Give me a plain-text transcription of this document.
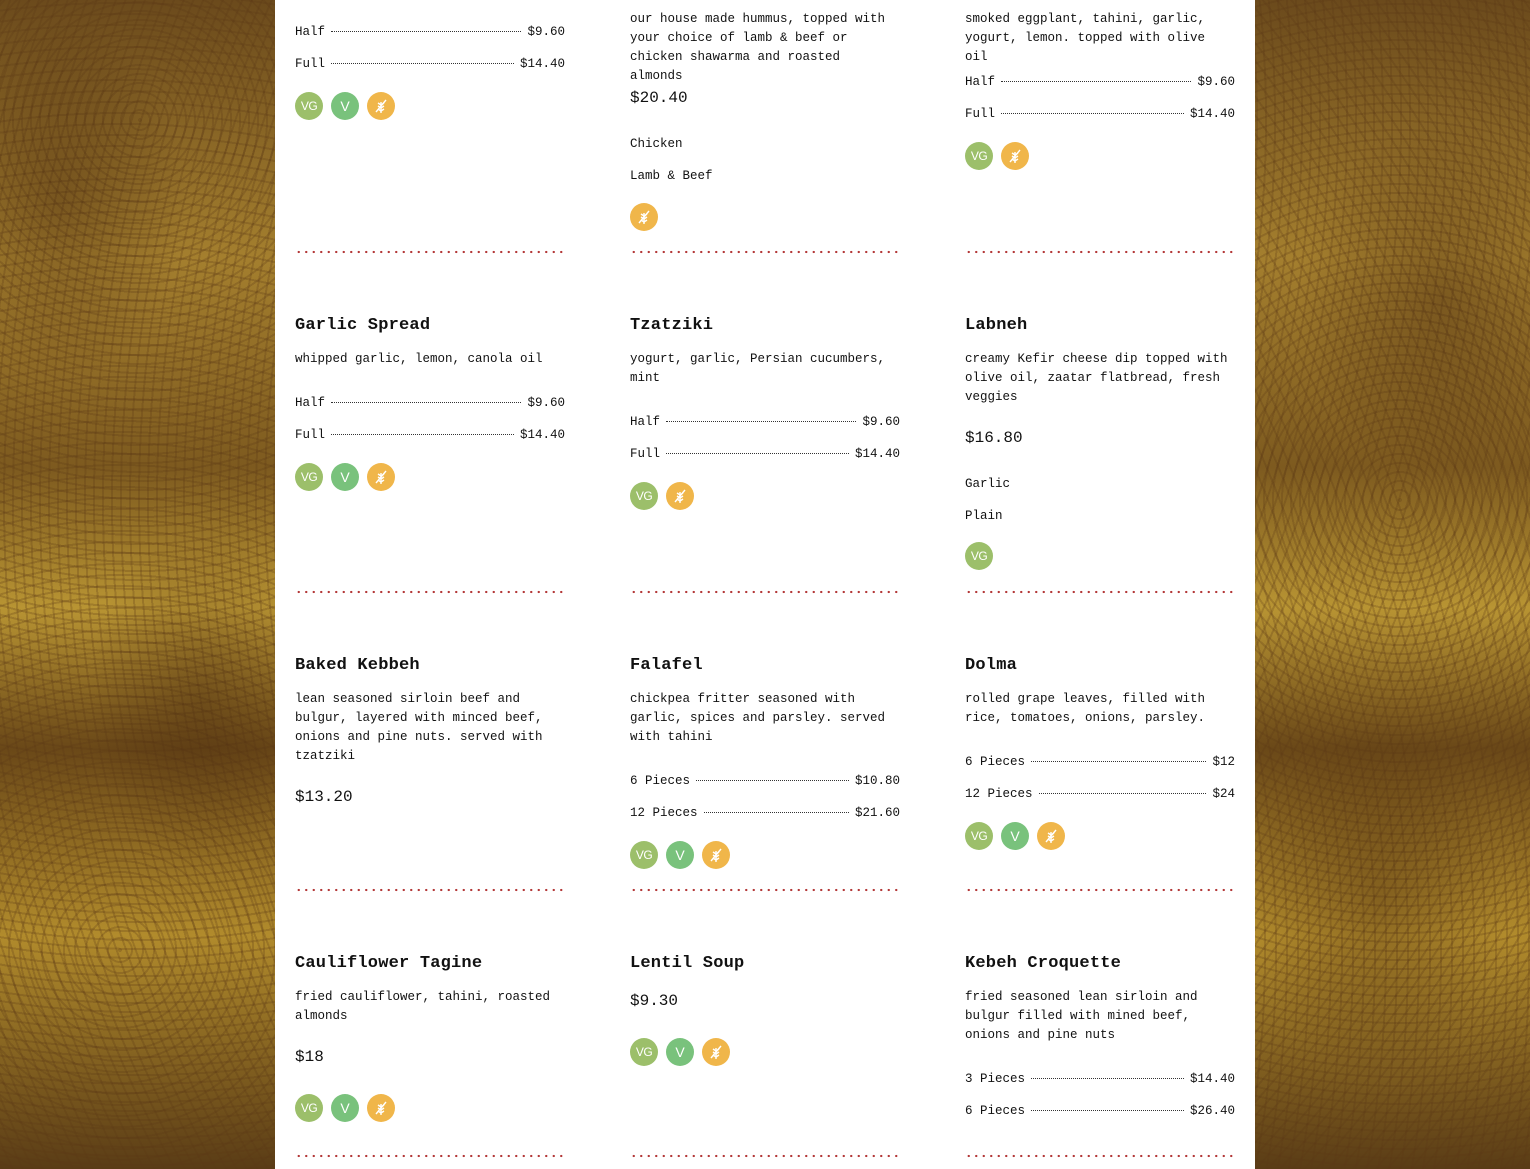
Half	$9.60
Full	$14.40
VG	V

our house made hummus, topped with your choice of lamb & beef or chicken shawarma and roasted almonds

$20.40

Chicken
Lamb & Beef

smoked eggplant, tahini, garlic, yogurt, lemon. topped with olive oil

Half	$9.60
Full	$14.40
VG
Garlic Spread

whipped garlic, lemon, canola oil

Half	$9.60
Full	$14.40
VG	V
Tzatziki

yogurt, garlic, Persian cucumbers, mint

Half	$9.60
Full	$14.40
VG
Labneh

creamy Kefir cheese dip topped with olive oil, zaatar flatbread, fresh veggies

$16.80

Garlic
Plain
VG
Baked Kebbeh

lean seasoned sirloin beef and bulgur, layered with minced beef, onions and pine nuts. served with tzatziki

$13.20

Falafel

chickpea fritter seasoned with garlic, spices and parsley. served with tahini

6 Pieces	$10.80
12 Pieces	$21.60
VG	V
Dolma

rolled grape leaves, filled with rice, tomatoes, onions, parsley.

6 Pieces	$12
12 Pieces	$24
VG	V
Cauliflower Tagine

fried cauliflower, tahini, roasted almonds

$18

VG	V
Lentil Soup

$9.30

VG	V
Kebeh Croquette

fried seasoned lean sirloin and bulgur filled with mined beef, onions and pine nuts

3 Pieces	$14.40
6 Pieces	$26.40
